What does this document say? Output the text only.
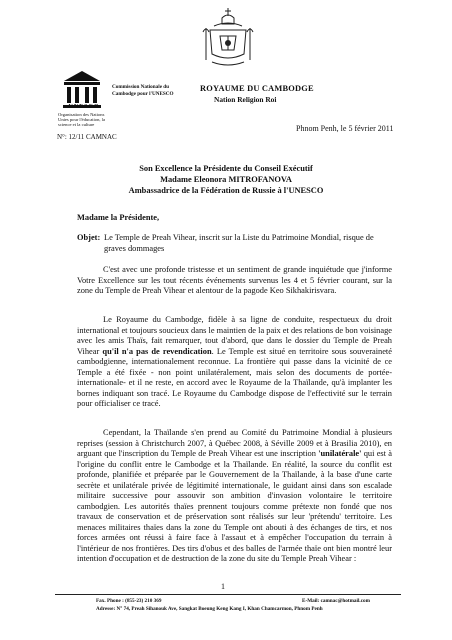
UNESCO
Organisation des Nations Unies pour l'éducation, la science et la culture
Commission Nationale du Cambodge pour l'UNESCO
ROYAUME DU CAMBODGE
Nation Religion Roi
N°: 12/11 CAMNAC
Phnom Penh, le 5 février 2011
Son Excellence la Présidente du Conseil Exécutif
Madame Eleonora MITROFANOVA
Ambassadrice de la Fédération de Russie à l'UNESCO
Madame la Présidente,
Objet: Le Temple de Preah Vihear, inscrit sur la Liste du Patrimoine Mondial, risque de graves dommages
C'est avec une profonde tristesse et un sentiment de grande inquiétude que j'informe Votre Excellence sur les tout récents événements survenus les 4 et 5 février courant, sur la zone du Temple de Preah Vihear et alentour de la pagode Keo Sikhakirisvara.
Le Royaume du Cambodge, fidèle à sa ligne de conduite, respectueux du droit international et toujours soucieux dans le maintien de la paix et des relations de bon voisinage avec les amis Thaïs, fait remarquer, tout d'abord, que dans le dossier du Temple de Preah Vihear qu'il n'a pas de revendication. Le Temple est situé en territoire sous souveraineté cambodgienne, internationalement reconnue. La frontière qui passe dans la vicinité de ce Temple a été fixée - non point unilatéralement, mais selon des documents de portée-internationale- et il ne reste, en accord avec le Royaume de la Thaïlande, qu'à implanter les bornes indiquant son tracé. Le Royaume du Cambodge dispose de l'effectivité sur le terrain pour officialiser ce tracé.
Cependant, la Thaïlande s'en prend au Comité du Patrimoine Mondial à plusieurs reprises (session à Christchurch 2007, à Québec 2008, à Séville 2009 et à Brasilia 2010), en arguant que l'inscription du Temple de Preah Vihear est une inscription 'unilatérale' qui est à l'origine du conflit entre le Cambodge et la Thaïlande. En réalité, la source du conflit est profonde, planifiée et préparée par le Gouvernement de la Thaïlande, à la base d'une carte secrète et unilatérale privée de légitimité internationale, le guidant ainsi dans son escalade militaire successive pour assouvir son ambition d'invasion volontaire le territoire cambodgien. Les autorités thaïes prennent toujours comme prétexte non fondé que nos travaux de conservation et de préservation sont réalisés sur leur 'prétendu' territoire. Les menaces militaires thaïes dans la zone du Temple ont abouti à des échanges de tirs, et nos forces armées ont réussi à faire face à l'assaut et à empêcher l'occupation du terrain à l'intérieur de nos frontières. Des tirs d'obus et des balles de l'armée thaïe ont bien montré leur intention d'occupation et de destruction de la zone du site du Temple Preah Vihear :
1
Fax. Phone : (855-23) 210 369	E-Mail: camnac@hotmail.com
Adresse: N° 74, Preah Sihanouk Ave, Sangkat Boeung Keng Kang I, Khan Chamcarmon, Phnom Penh
